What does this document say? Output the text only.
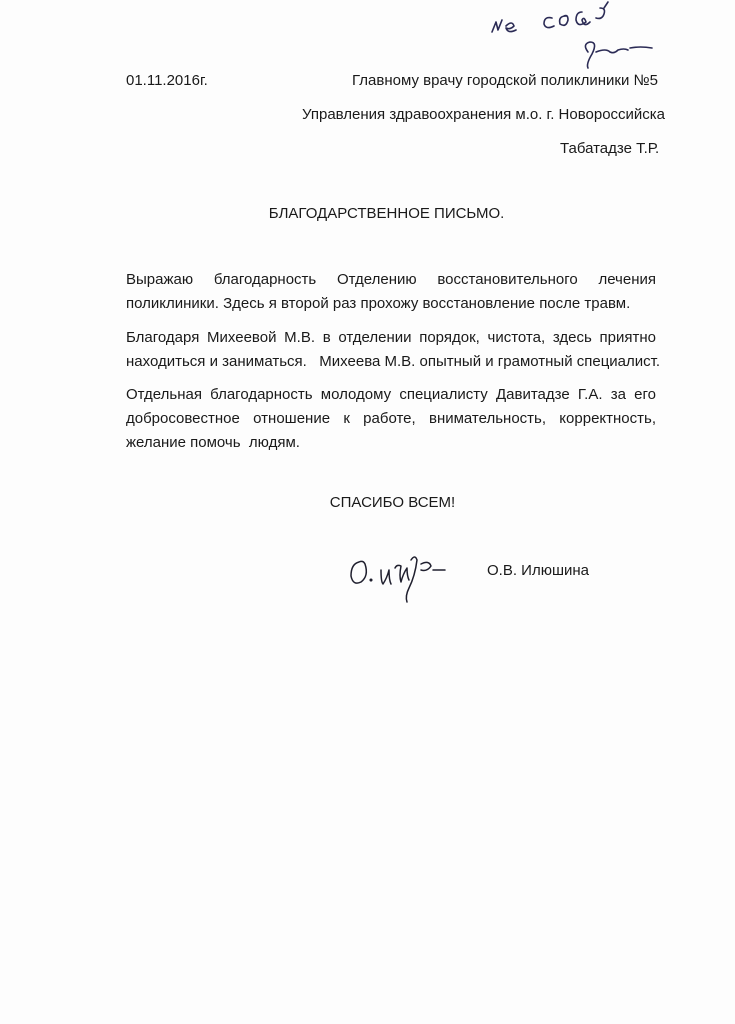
01.11.2016г.	Главному врачу городской поликлиники №5
Управления здравоохранения м.о. г. Новороссийска
Табатадзе Т.Р.
БЛАГОДАРСТВЕННОЕ ПИСЬМО.
Выражаю благодарность Отделению восстановительного лечения
поликлиники. Здесь я второй раз прохожу восстановление после травм.
Благодаря Михеевой М.В. в отделении порядок, чистота, здесь приятно
находиться и заниматься.   Михеева М.В. опытный и грамотный специалист.
Отдельная благодарность молодому специалисту Давитадзе Г.А. за его
добросовестное отношение к работе, внимательность, корректность,
желание помочь  людям.
СПАСИБО ВСЕМ!
О.В. Илюшина
